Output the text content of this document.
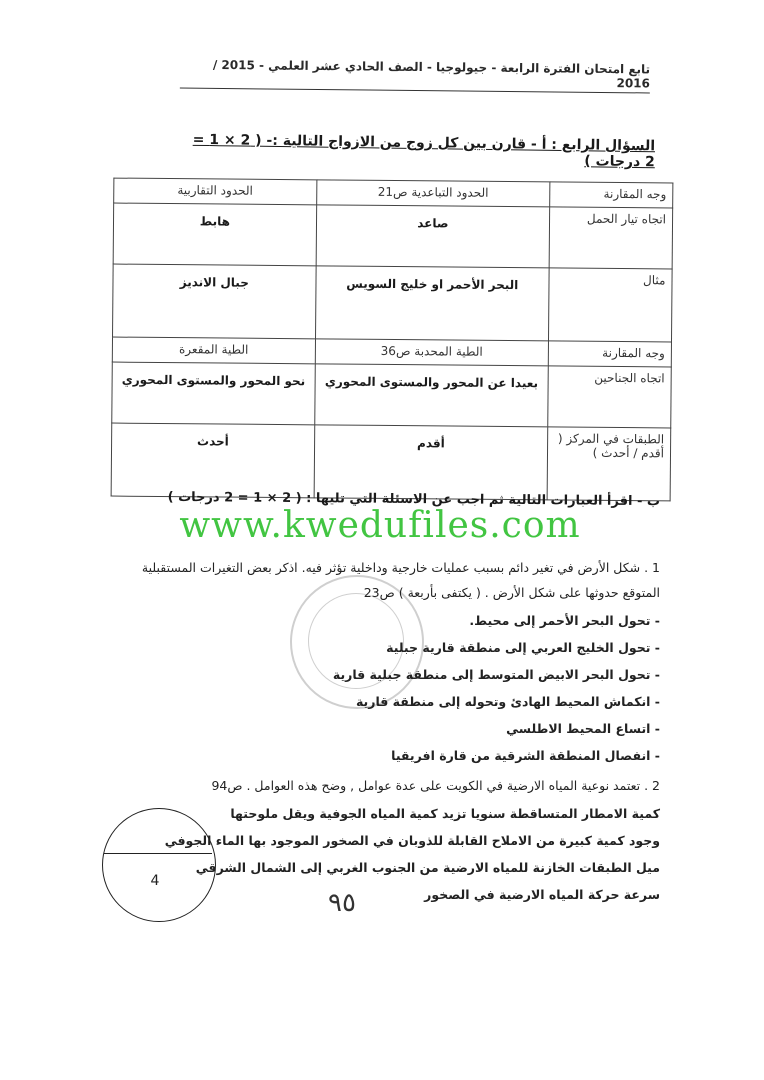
تابع امتحان الفترة الرابعة - جيولوجيا - الصف الحادي عشر العلمي - 2015 / 2016
السؤال الرابع : أ - قارن بين كل زوج من الازواج التالية :- ( 2 × 1 = 2 درجات )
وجه المقارنة	الحدود التباعدية ص21	الحدود التقاربية
اتجاه تيار الحمل	صاعد	هابط
مثال	البحر الأحمر او خليج السويس	جبال الانديز
وجه المقارنة	الطية المحدبة ص36	الطية المقعرة
اتجاه الجناحين	بعيدا عن المحور والمستوى المحوري	نحو المحور والمستوى المحوري
الطبقات في المركز ( أقدم / أحدث )	أقدم	أحدث
ب - اقرأ العبارات التالية ثم اجب عن الاسئلة التي تليها : ( 2 × 1 = 2 درجات )
www.kwedufiles.com
1 . شكل الأرض في تغير دائم بسبب عمليات خارجية وداخلية تؤثر فيه. اذكر بعض التغيرات المستقبلية
المتوقع حدوثها على شكل الأرض . ( يكتفى بأربعة ) ص23
- تحول البحر الأحمر إلى محيط.
- تحول الخليج العربي إلى منطقة قارية جبلية
- تحول البحر الابيض المتوسط إلى منطقة جبلية قارية
- انكماش المحيط الهادئ وتحوله إلى منطقة قارية
- اتساع المحيط الاطلسي
- انفصال المنطقة الشرقية من قارة افريقيا
2 . تعتمد نوعية المياه الارضية في الكويت على عدة عوامل , وضح هذه العوامل . ص94
كمية الامطار المتساقطة سنويا تزيد كمية المياه الجوفية ويقل ملوحتها
وجود كمية كبيرة من الاملاح القابلة للذوبان في الصخور الموجود بها الماء الجوفي
ميل الطبقات الخازنة للمياه الارضية من الجنوب الغربي إلى الشمال الشرقي
سرعة حركة المياه الارضية في الصخور
4
٩٥
